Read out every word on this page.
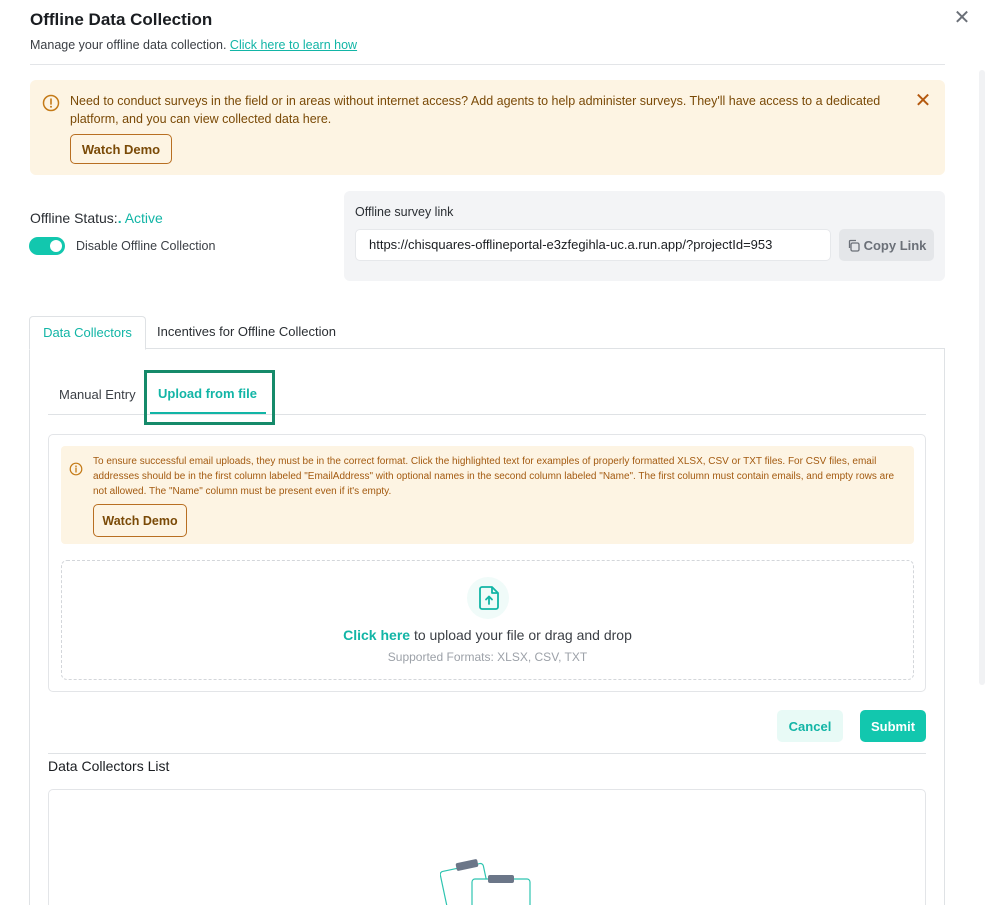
Offline Data Collection
Manage your offline data collection. Click here to learn how
✕
Need to conduct surveys in the field or in areas without internet access? Add agents to help administer surveys. They'll have access to a dedicated platform, and you can view collected data here.
✕
Watch Demo
Offline Status:. Active
Disable Offline Collection
Offline survey link
https://chisquares-offlineportal-e3zfegihla-uc.a.run.app/?projectId=953	Copy Link
Data Collectors	Incentives for Offline Collection
Manual Entry Upload from file
To ensure successful email uploads, they must be in the correct format. Click the highlighted text for examples of properly formatted XLSX, CSV or TXT files. For CSV files, email addresses should be in the first column labeled "EmailAddress" with optional names in the second column labeled "Name". The first column must contain emails, and empty rows are not allowed. The "Name" column must be present even if it's empty.
Watch Demo
Click here to upload your file or drag and drop
Supported Formats: XLSX, CSV, TXT
Cancel	Submit
Data Collectors List
